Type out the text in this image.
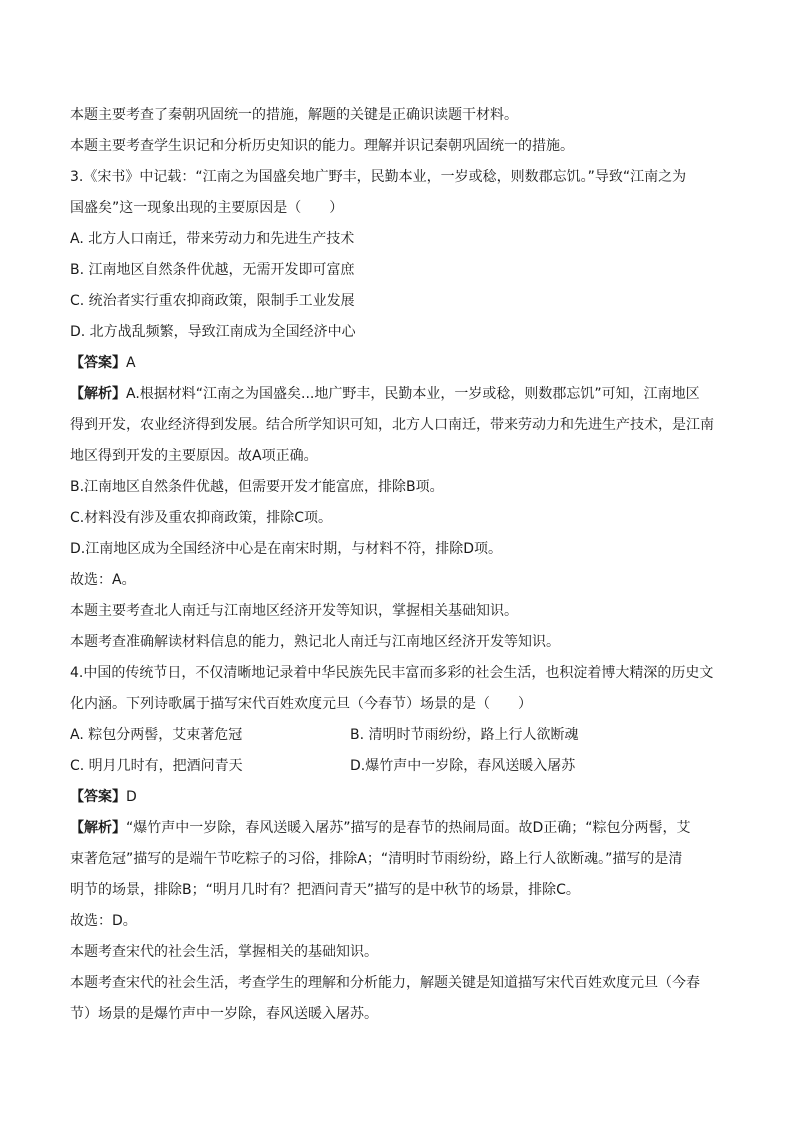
本题主要考查了秦朝巩固统一的措施，解题的关键是正确识读题干材料。
本题主要考查学生识记和分析历史知识的能力。理解并识记秦朝巩固统一的措施。
3.《宋书》中记载：“江南之为国盛矣地广野丰，民勤本业，一岁或稔，则数郡忘饥。”导致“江南之为
国盛矣”这一现象出现的主要原因是（　　）
A. 北方人口南迁，带来劳动力和先进生产技术
B. 江南地区自然条件优越，无需开发即可富庶
C. 统治者实行重农抑商政策，限制手工业发展
D. 北方战乱频繁，导致江南成为全国经济中心
【答案】A
【解析】A.根据材料“江南之为国盛矣...地广野丰，民勤本业，一岁或稔，则数郡忘饥”可知，江南地区
得到开发，农业经济得到发展。结合所学知识可知，北方人口南迁，带来劳动力和先进生产技术，是江南
地区得到开发的主要原因。故A项正确。
B.江南地区自然条件优越，但需要开发才能富庶，排除B项。
C.材料没有涉及重农抑商政策，排除C项。
D.江南地区成为全国经济中心是在南宋时期，与材料不符，排除D项。
故选：A。
本题主要考查北人南迁与江南地区经济开发等知识，掌握相关基础知识。
本题考查准确解读材料信息的能力，熟记北人南迁与江南地区经济开发等知识。
4.中国的传统节日，不仅清晰地记录着中华民族先民丰富而多彩的社会生活，也积淀着博大精深的历史文
化内涵。下列诗歌属于描写宋代百姓欢度元旦（今春节）场景的是（　　）
A. 粽包分两髻，艾束著危冠	B. 清明时节雨纷纷，路上行人欲断魂
C. 明月几时有，把酒问青天	D.爆竹声中一岁除，春风送暖入屠苏
【答案】D
【解析】“爆竹声中一岁除，春风送暖入屠苏”描写的是春节的热闹局面。故D正确；“粽包分两髻，艾
束著危冠”描写的是端午节吃粽子的习俗，排除A；“清明时节雨纷纷，路上行人欲断魂。”描写的是清
明节的场景，排除B；“明月几时有？把酒问青天”描写的是中秋节的场景，排除C。
故选：D。
本题考查宋代的社会生活，掌握相关的基础知识。
本题考查宋代的社会生活，考查学生的理解和分析能力，解题关键是知道描写宋代百姓欢度元旦（今春
节）场景的是爆竹声中一岁除，春风送暖入屠苏。
